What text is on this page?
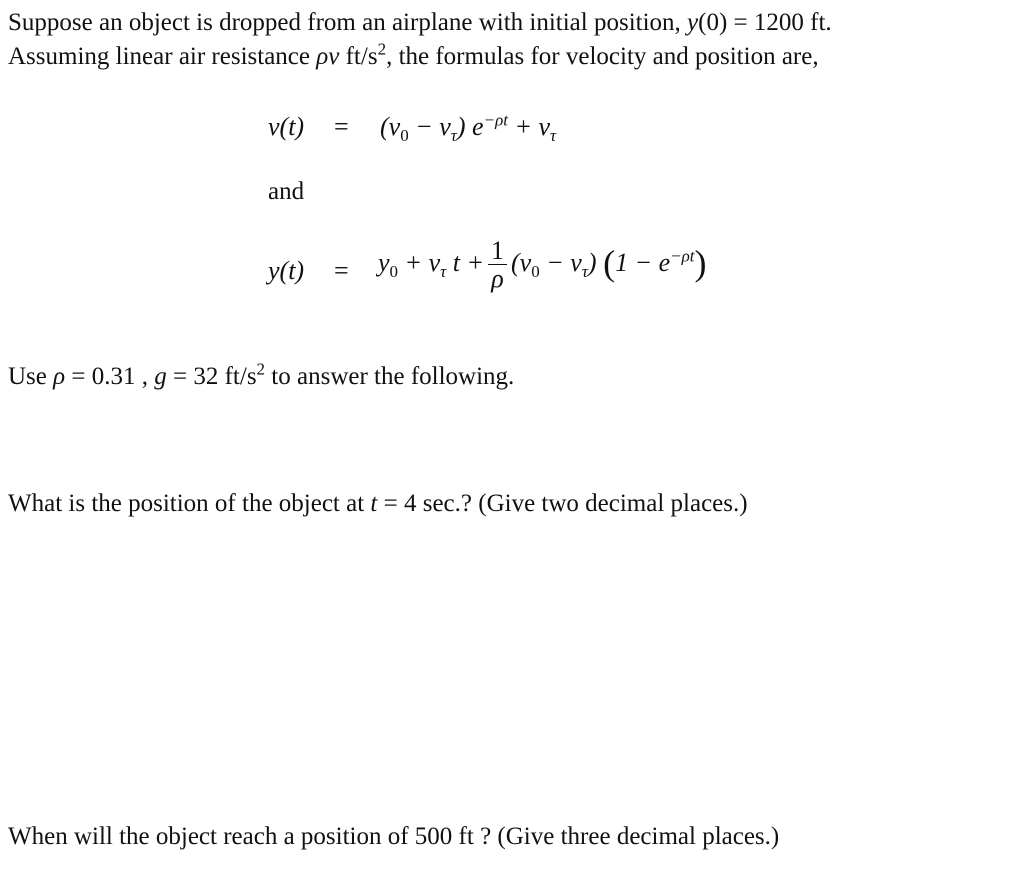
Suppose an object is dropped from an airplane with initial position, y(0) = 1200 ft.
Assuming linear air resistance ρv $ft/s^2$, the formulas for velocity and position are,
$v(t) = (v_0 - v_\tau) e^{-\rho t} + v_\tau$
and
$y(t) = y_0 + v_\tau$ $t + \frac{1}{\rho} (v_0 - v_\tau) (1 - e^{-\rho t})$
Use ρ = 0.31 , g = 32 $ft/s^2$ to answer the following.
What is the position of the object at t = 4 sec.? (Give two decimal places.)
When will the object reach a position of 500 ft ? (Give three decimal places.)
